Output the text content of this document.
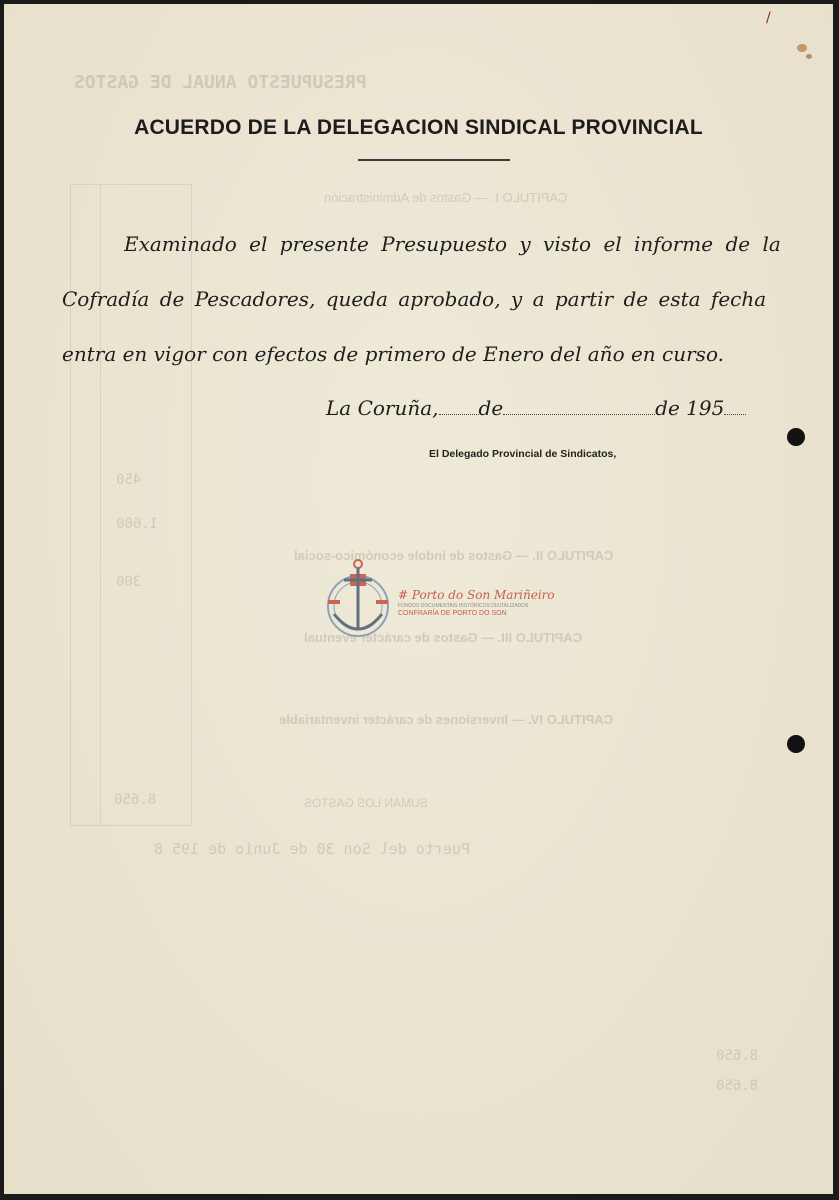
PRESUPUESTO ANUAL DE GASTOS
CAPITULO I. — Gastos de Administración
450
1.600
CAPITULO II. — Gastos de índole económico-social
300
CAPITULO III. — Gastos de carácter eventual
CAPITULO IV. — Inversiones de carácter inventariable
SUMAN LOS GASTOS
8.650
Puerto del Son 30 de Junio de 195 8
8.650
8.650
/
ACUERDO DE LA DELEGACION SINDICAL PROVINCIAL
Examinado el presente Presupuesto y visto el informe de la
Cofradía de Pescadores, queda aprobado, y a partir de esta fecha
entra en vigor con efectos de primero de Enero del año en curso.
La Coruña, de	de 195
El Delegado Provincial de Sindicatos,
# Porto do Son Mariñeiro
FONDOS DOCUMENTAIS HISTÓRICOS DIXITALIZADOS
CONFRARÍA DE PORTO DO SON
